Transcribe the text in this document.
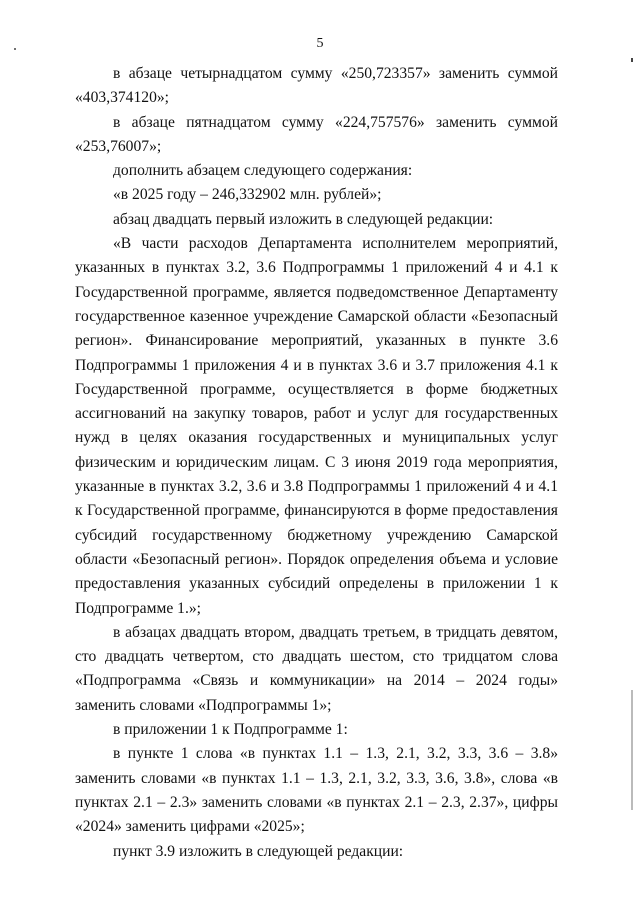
5

в абзаце четырнадцатом сумму «250,723357» заменить суммой «403,374120»;

в абзаце пятнадцатом сумму «224,757576» заменить суммой «253,76007»;

дополнить абзацем следующего содержания:

«в 2025 году – 246,332902 млн. рублей»;

абзац двадцать первый изложить в следующей редакции:

«В части расходов Департамента исполнителем мероприятий, указанных в пунктах 3.2, 3.6 Подпрограммы 1 приложений 4 и 4.1 к Государственной программе, является подведомственное Департаменту государственное казенное учреждение Самарской области «Безопасный регион». Финансирование мероприятий, указанных в пункте 3.6 Подпрограммы 1 приложения 4 и в пунктах 3.6 и 3.7 приложения 4.1 к Государственной программе, осуществляется в форме бюджетных ассигнований на закупку товаров, работ и услуг для государственных нужд в целях оказания государственных и муниципальных услуг физическим и юридическим лицам. С 3 июня 2019 года мероприятия, указанные в пунктах 3.2, 3.6 и 3.8 Подпрограммы 1 приложений 4 и 4.1 к Государственной программе, финансируются в форме предоставления субсидий государственному бюджетному учреждению Самарской области «Безопасный регион». Порядок определения объема и условие предоставления указанных субсидий определены в приложении 1 к Подпрограмме 1.»;

в абзацах двадцать втором, двадцать третьем, в тридцать девятом, сто двадцать четвертом, сто двадцать шестом, сто тридцатом слова «Подпрограмма «Связь и коммуникации» на 2014 – 2024 годы» заменить словами «Подпрограммы 1»;

в приложении 1 к Подпрограмме 1:

в пункте 1 слова «в пунктах 1.1 – 1.3, 2.1, 3.2, 3.3, 3.6 – 3.8» заменить словами «в пунктах 1.1 – 1.3, 2.1, 3.2, 3.3, 3.6, 3.8», слова «в пунктах 2.1 – 2.3» заменить словами «в пунктах 2.1 – 2.3, 2.37», цифры «2024» заменить цифрами «2025»;

пункт 3.9 изложить в следующей редакции:
